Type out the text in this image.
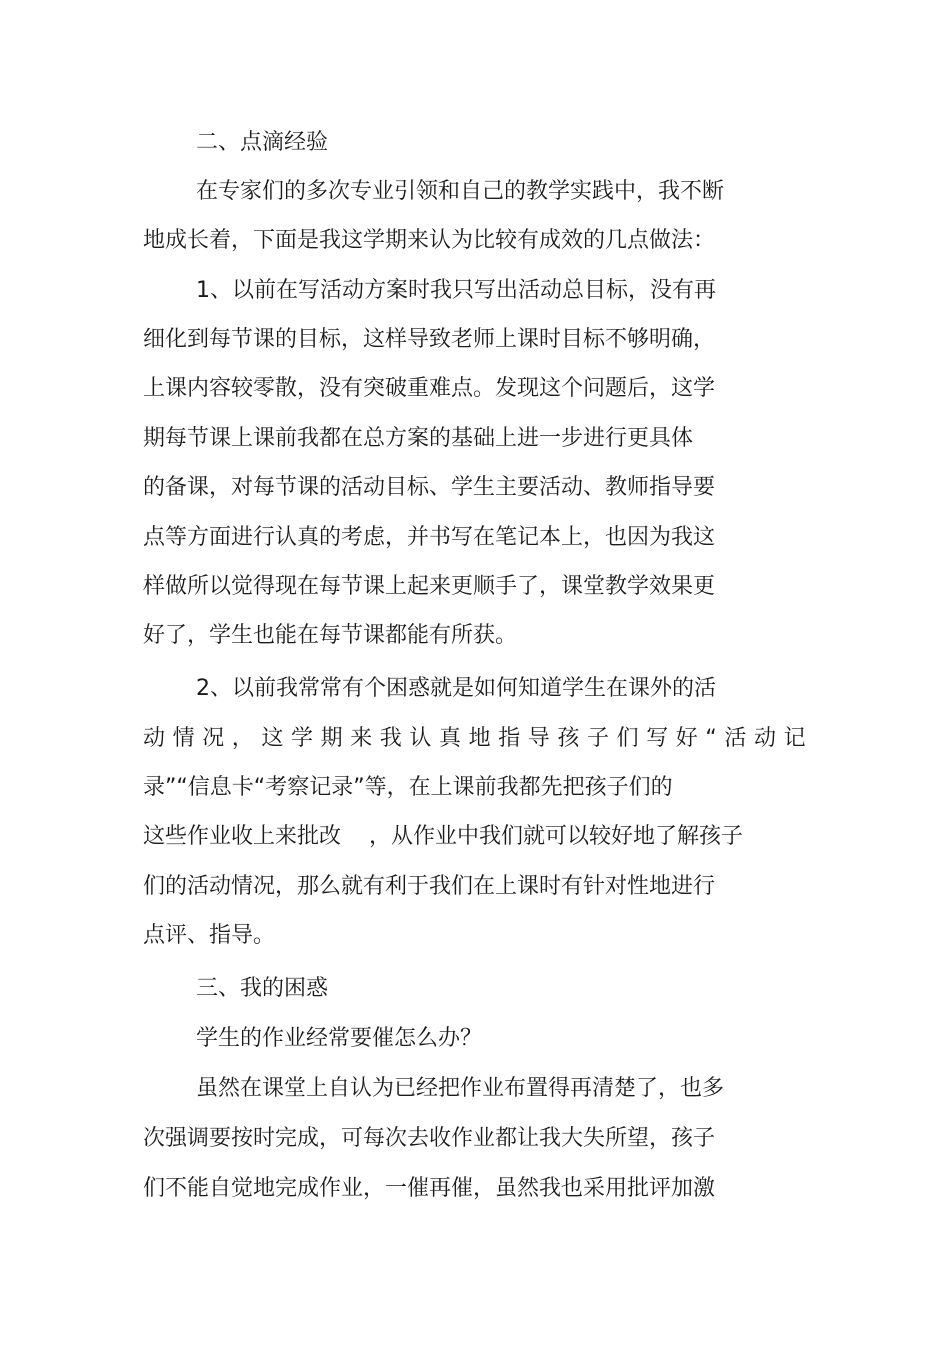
二、点滴经验
在专家们的多次专业引领和自己的教学实践中，我不断
地成长着，下面是我这学期来认为比较有成效的几点做法：
1、以前在写活动方案时我只写出活动总目标，没有再
细化到每节课的目标，这样导致老师上课时目标不够明确，
上课内容较零散，没有突破重难点。发现这个问题后，这学
期每节课上课前我都在总方案的基础上进一步进行更具体
的备课，对每节课的活动目标、学生主要活动、教师指导要
点等方面进行认真的考虑，并书写在笔记本上，也因为我这
样做所以觉得现在每节课上起来更顺手了，课堂教学效果更
好了，学生也能在每节课都能有所获。
2、以前我常常有个困惑就是如何知道学生在课外的活
动情况，这学期来我认真地指导孩子们写好“活动记
录”“信息卡“考察记录”等，在上课前我都先把孩子们的
这些作业收上来批改    ，从作业中我们就可以较好地了解孩子
们的活动情况，那么就有利于我们在上课时有针对性地进行
点评、指导。
三、我的困惑
学生的作业经常要催怎么办？
虽然在课堂上自认为已经把作业布置得再清楚了，也多
次强调要按时完成，可每次去收作业都让我大失所望，孩子
们不能自觉地完成作业，一催再催，虽然我也采用批评加激
